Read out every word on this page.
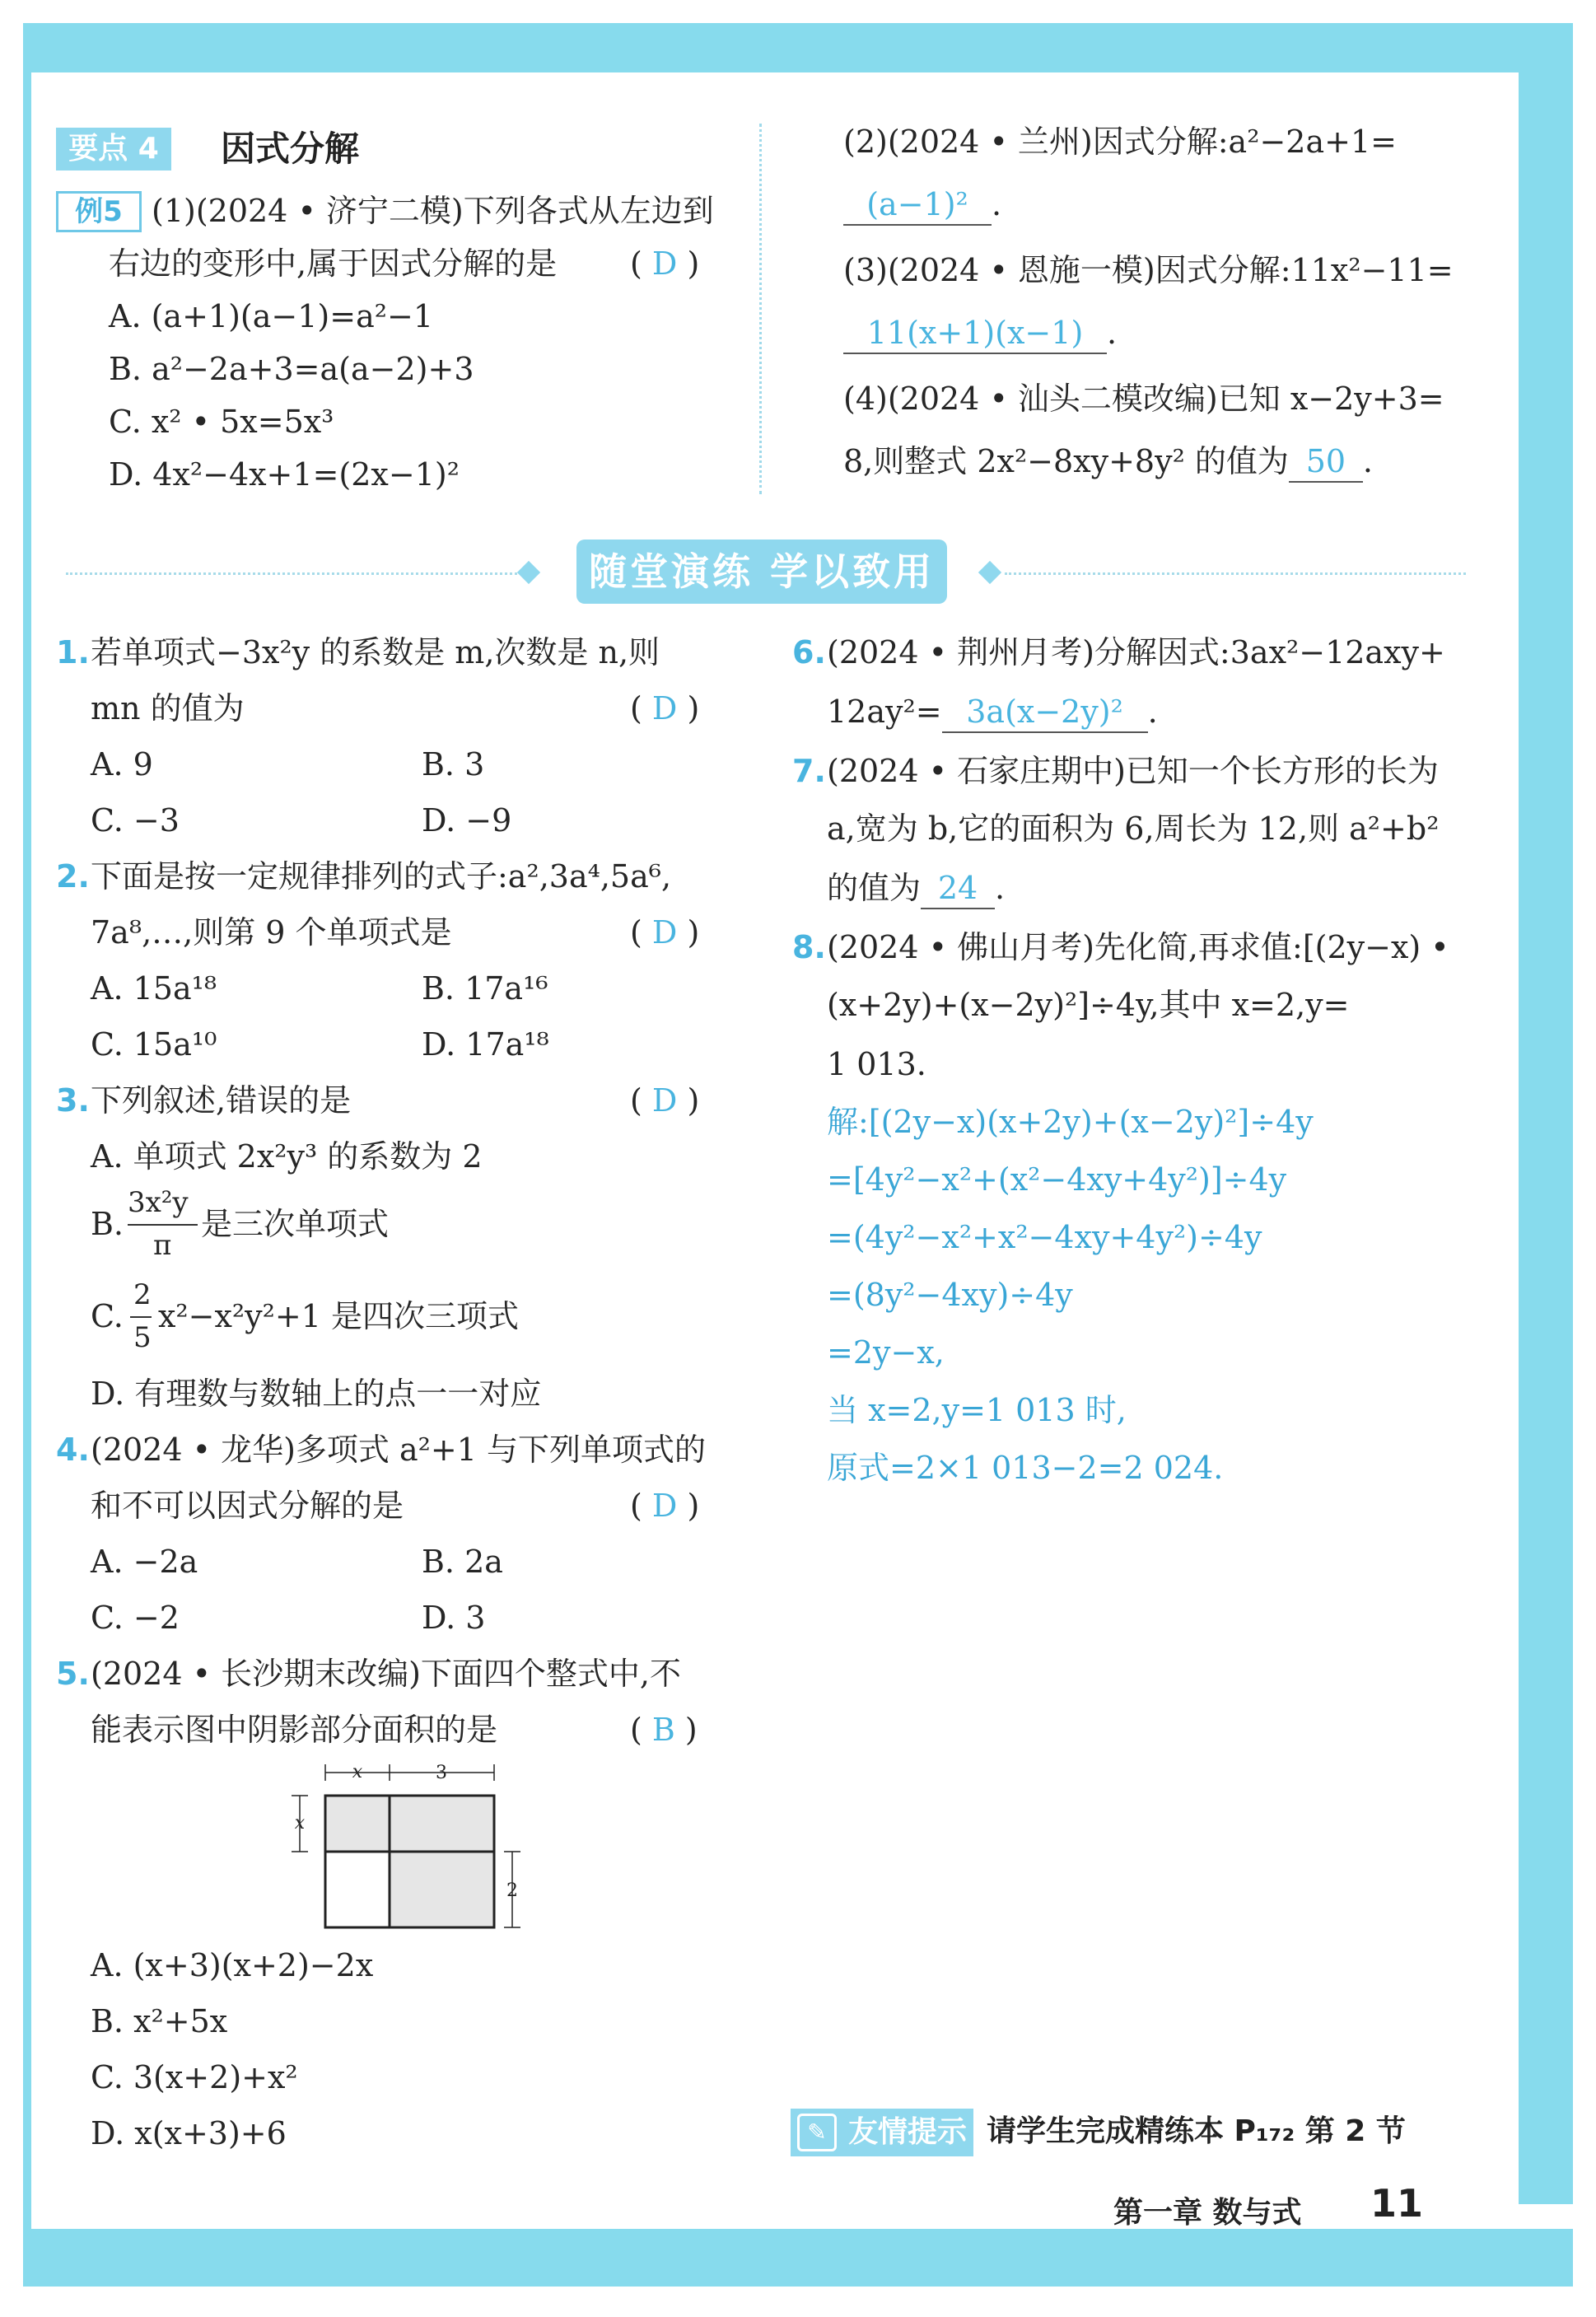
要点 4	因式分解
例5 (1)(2024 • 济宁二模)下列各式从左边到
右边的变形中,属于因式分解的是 ( D )
A. (a+1)(a−1)=a²−1
B. a²−2a+3=a(a−2)+3
C. x² • 5x=5x³
D. 4x²−4x+1=(2x−1)²
(2)(2024 • 兰州)因式分解:a²−2a+1=
(a−1)² .
(3)(2024 • 恩施一模)因式分解:11x²−11=
11(x+1)(x−1) .
(4)(2024 • 汕头二模改编)已知 x−2y+3=
8,则整式 2x²−8xy+8y² 的值为 50 .
随堂演练 学以致用
1. 若单项式−3x²y 的系数是 m,次数是 n,则
mn 的值为	( D )
A. 9	B. 3
C. −3	D. −9
2. 下面是按一定规律排列的式子:a²,3a⁴,5a⁶,
7a⁸,…,则第 9 个单项式是	( D )
A. 15a¹⁸	B. 17a¹⁶
C. 15a¹⁰	D. 17a¹⁸
3. 下列叙述,错误的是	( D )
A. 单项式 2x²y³ 的系数为 2
B.
3x²y
π
是三次单项式
C.
2
5
x²−x²y²+1 是四次三项式
D. 有理数与数轴上的点一一对应
4. (2024 • 龙华)多项式 a²+1 与下列单项式的
和不可以因式分解的是	( D )
A. −2a	B. 2a
C. −2	D. 3
5. (2024 • 长沙期末改编)下面四个整式中,不
能表示图中阴影部分面积的是	( B )
x	3
x
2
A. (x+3)(x+2)−2x
B. x²+5x
C. 3(x+2)+x²
D. x(x+3)+6
6. (2024 • 荆州月考)分解因式:3ax²−12axy+
12ay²= 3a(x−2y)² .
7. (2024 • 石家庄期中)已知一个长方形的长为
a,宽为 b,它的面积为 6,周长为 12,则 a²+b²
的值为 24 .
8. (2024 • 佛山月考)先化简,再求值:[(2y−x) •
(x+2y)+(x−2y)²]÷4y,其中 x=2,y=
1 013.
解:[(2y−x)(x+2y)+(x−2y)²]÷4y
=[4y²−x²+(x²−4xy+4y²)]÷4y
=(4y²−x²+x²−4xy+4y²)÷4y
=(8y²−4xy)÷4y
=2y−x,
当 x=2,y=1 013 时,
原式=2×1 013−2=2 024.
友情提示
✎	请学生完成精练本 P₁₇₂ 第 2 节
第一章 数与式 11
